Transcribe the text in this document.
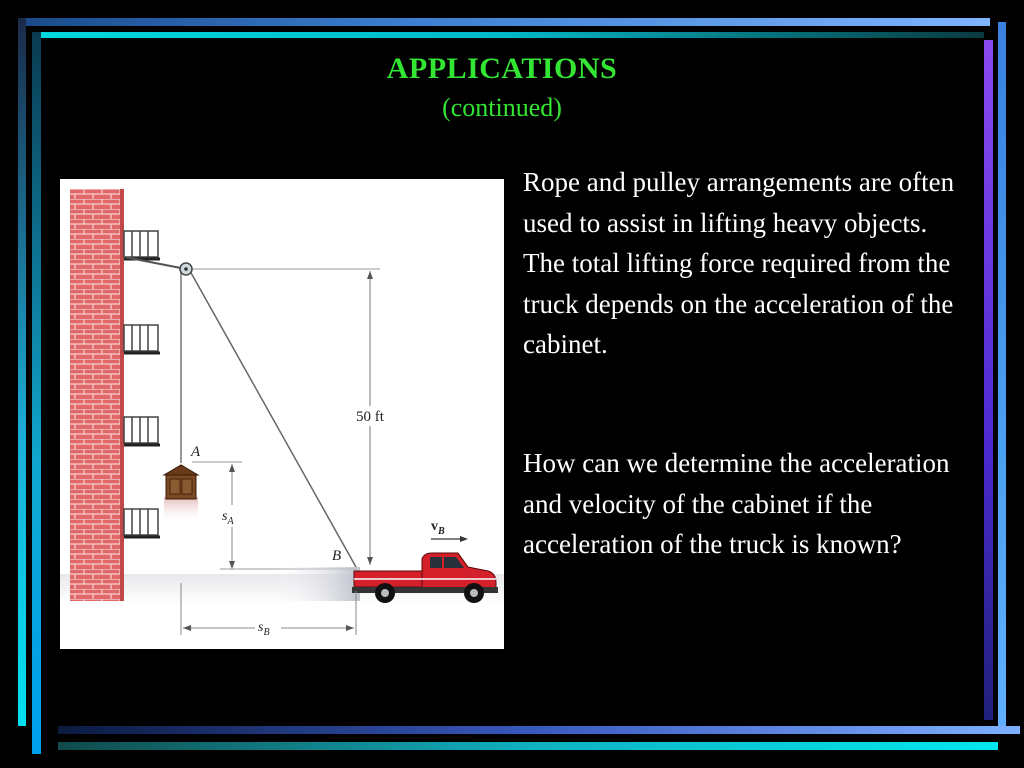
APPLICATIONS
(continued)
50 ft
A
$s_A$
B
$v_B$
$s_B$

Rope and pulley arrangements are often used to assist in lifting heavy objects. The total lifting force required from the truck depends on the acceleration of the cabinet.

How can we determine the acceleration and velocity of the cabinet if the acceleration of the truck is known?
